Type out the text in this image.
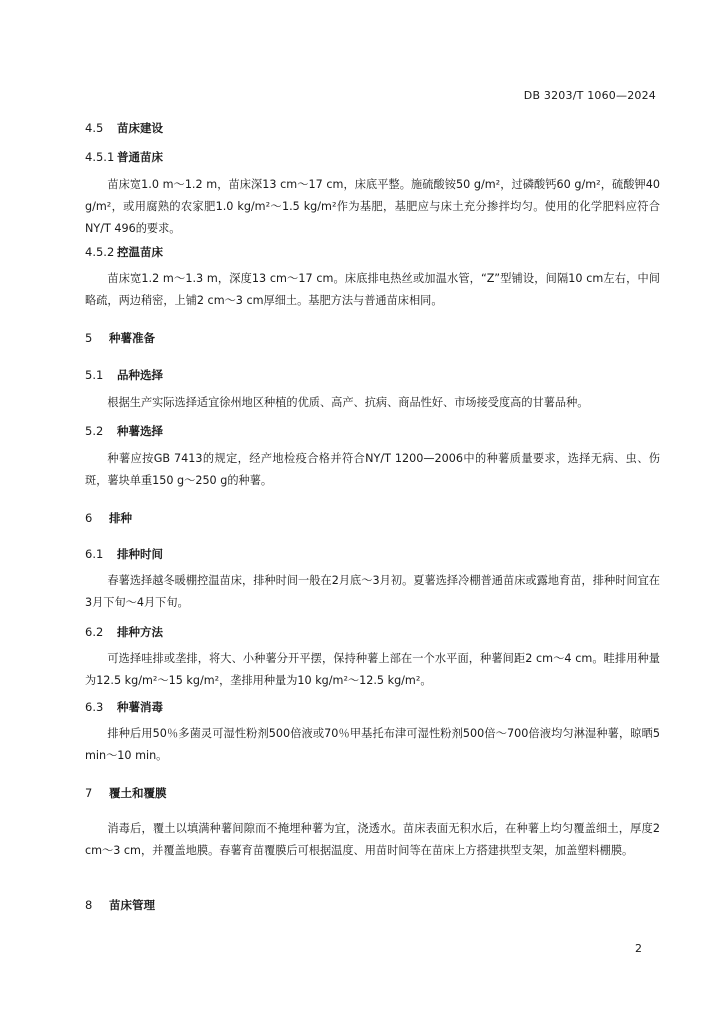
DB 3203/T 1060—2024
4.5 苗床建设
4.5.1 普通苗床
苗床宽1.0 m～1.2 m，苗床深13 cm～17 cm，床底平整。施硫酸铵50 g/m²，过磷酸钙60 g/m²，硫酸钾40 g/m²，或用腐熟的农家肥1.0 kg/m²～1.5 kg/m²作为基肥，基肥应与床土充分掺拌均匀。使用的化学肥料应符合NY/T 496的要求。
4.5.2 控温苗床
苗床宽1.2 m～1.3 m，深度13 cm～17 cm。床底排电热丝或加温水管，“Z”型铺设，间隔10 cm左右，中间略疏，两边稍密，上铺2 cm～3 cm厚细土。基肥方法与普通苗床相同。
5 种薯准备
5.1 品种选择
根据生产实际选择适宜徐州地区种植的优质、高产、抗病、商品性好、市场接受度高的甘薯品种。
5.2 种薯选择
种薯应按GB 7413的规定，经产地检疫合格并符合NY/T 1200—2006中的种薯质量要求，选择无病、虫、伤斑，薯块单重150 g～250 g的种薯。
6 排种
6.1 排种时间
春薯选择越冬暖棚控温苗床，排种时间一般在2月底～3月初。夏薯选择冷棚普通苗床或露地育苗，排种时间宜在3月下旬～4月下旬。
6.2 排种方法
可选择哇排或垄排，将大、小种薯分开平摆，保持种薯上部在一个水平面，种薯间距2 cm～4 cm。畦排用种量为12.5 kg/m²～15 kg/m²，垄排用种量为10 kg/m²～12.5 kg/m²。
6.3 种薯消毒
排种后用50％多菌灵可湿性粉剂500倍液或70％甲基托布津可湿性粉剂500倍～700倍液均匀淋湿种薯，晾晒5 min～10 min。
7 覆土和覆膜
消毒后，覆土以填满种薯间隙而不掩埋种薯为宜，浇透水。苗床表面无积水后，在种薯上均匀覆盖细土，厚度2 cm～3 cm，并覆盖地膜。春薯育苗覆膜后可根据温度、用苗时间等在苗床上方搭建拱型支架，加盖塑料棚膜。
8 苗床管理
2
